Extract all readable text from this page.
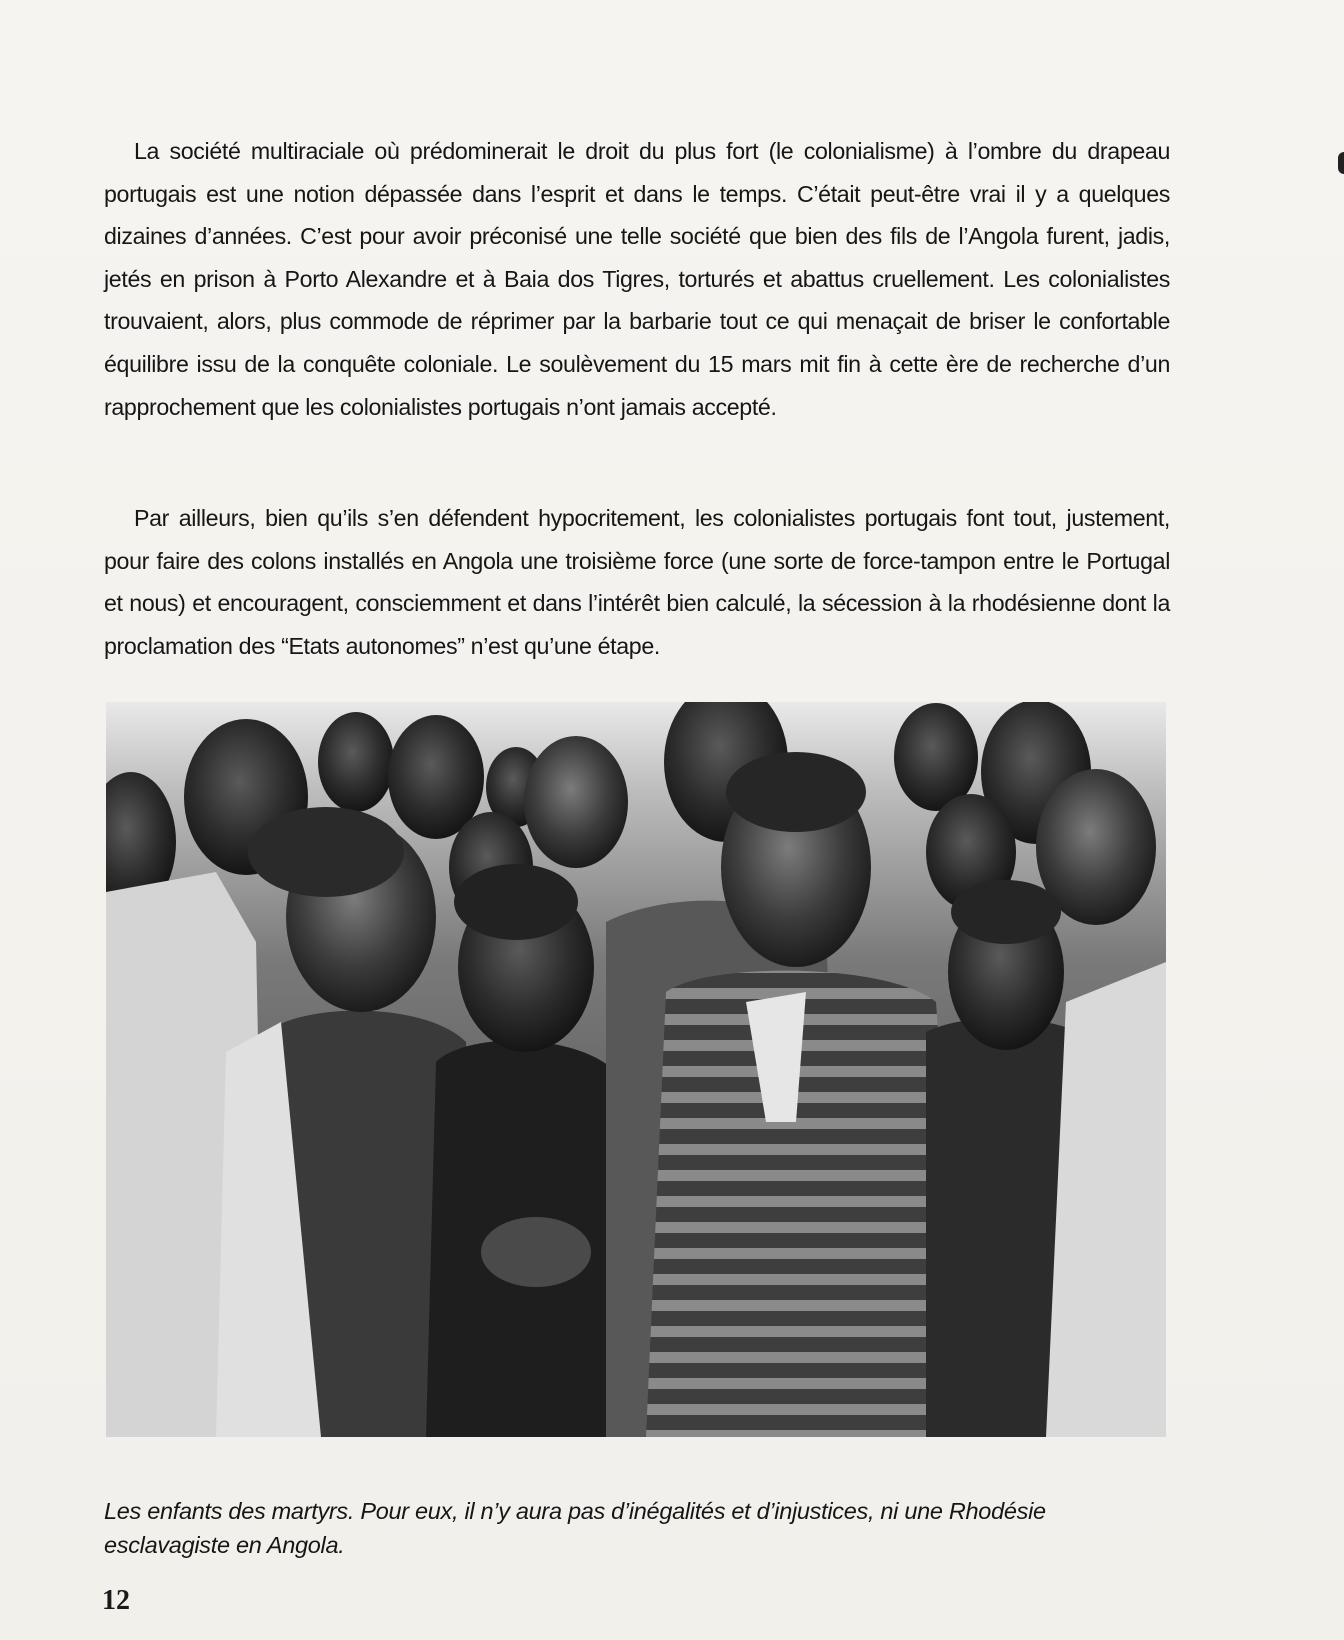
La société multiraciale où prédominerait le droit du plus fort (le colonialisme) à l’ombre du drapeau portugais est une notion dépassée dans l’esprit et dans le temps. C’était peut-être vrai il y a quelques dizaines d’années. C’est pour avoir préconisé une telle société que bien des fils de l’Angola furent, jadis, jetés en prison à Porto Alexandre et à Baia dos Tigres, torturés et abattus cruellement. Les colonialistes trouvaient, alors, plus commode de réprimer par la barbarie tout ce qui menaçait de briser le confortable équilibre issu de la conquête coloniale. Le soulèvement du 15 mars mit fin à cette ère de recherche d’un rapprochement que les colonialistes portugais n’ont jamais accepté.

Par ailleurs, bien qu’ils s’en défendent hypocritement, les colonialistes portugais font tout, justement, pour faire des colons installés en Angola une troisième force (une sorte de force-tampon entre le Portugal et nous) et encouragent, consciemment et dans l’intérêt bien calculé, la sécession à la rhodésienne dont la proclamation des “Etats autonomes” n’est qu’une étape.

Les enfants des martyrs. Pour eux, il n’y aura pas d’inégalités et d’injustices, ni une Rhodésie esclavagiste en Angola.
12
